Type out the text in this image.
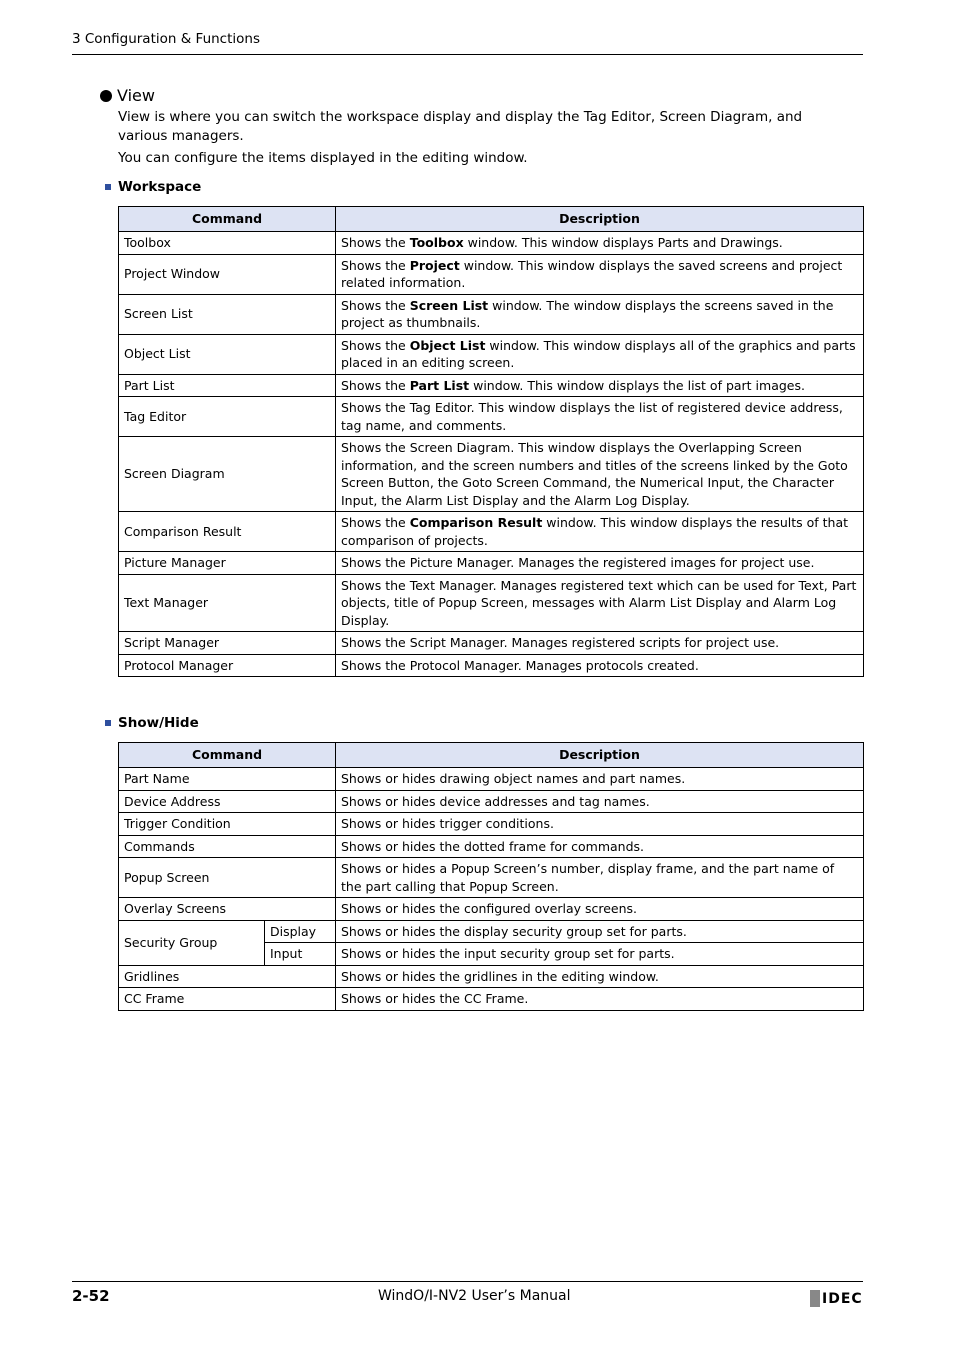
3 Configuration & Functions
View
View is where you can switch the workspace display and display the Tag Editor, Screen Diagram, and various managers.
You can configure the items displayed in the editing window.
Workspace
Command	Description
Toolbox	Shows the Toolbox window. This window displays Parts and Drawings.
Project Window	Shows the Project window. This window displays the saved screens and project related information.
Screen List	Shows the Screen List window. The window displays the screens saved in the project as thumbnails.
Object List	Shows the Object List window. This window displays all of the graphics and parts placed in an editing screen.
Part List	Shows the Part List window. This window displays the list of part images.
Tag Editor	Shows the Tag Editor. This window displays the list of registered device address, tag name, and comments.
Screen Diagram	Shows the Screen Diagram. This window displays the Overlapping Screen information, and the screen numbers and titles of the screens linked by the Goto Screen Button, the Goto Screen Command, the Numerical Input, the Character Input, the Alarm List Display and the Alarm Log Display.
Comparison Result	Shows the Comparison Result window. This window displays the results of that comparison of projects.
Picture Manager	Shows the Picture Manager. Manages the registered images for project use.
Text Manager	Shows the Text Manager. Manages registered text which can be used for Text, Part objects, title of Popup Screen, messages with Alarm List Display and Alarm Log Display.
Script Manager	Shows the Script Manager. Manages registered scripts for project use.
Protocol Manager	Shows the Protocol Manager. Manages protocols created.
Show/Hide
Command		Description
Part Name		Shows or hides drawing object names and part names.
Device Address		Shows or hides device addresses and tag names.
Trigger Condition		Shows or hides trigger conditions.
Commands		Shows or hides the dotted frame for commands.
Popup Screen		Shows or hides a Popup Screen’s number, display frame, and the part name of the part calling that Popup Screen.
Overlay Screens		Shows or hides the configured overlay screens.
Security Group	Display	Shows or hides the display security group set for parts.
	Input	Shows or hides the input security group set for parts.
Gridlines		Shows or hides the gridlines in the editing window.
CC Frame		Shows or hides the CC Frame.
2-52	WindO/I-NV2 User’s Manual	IDEC
